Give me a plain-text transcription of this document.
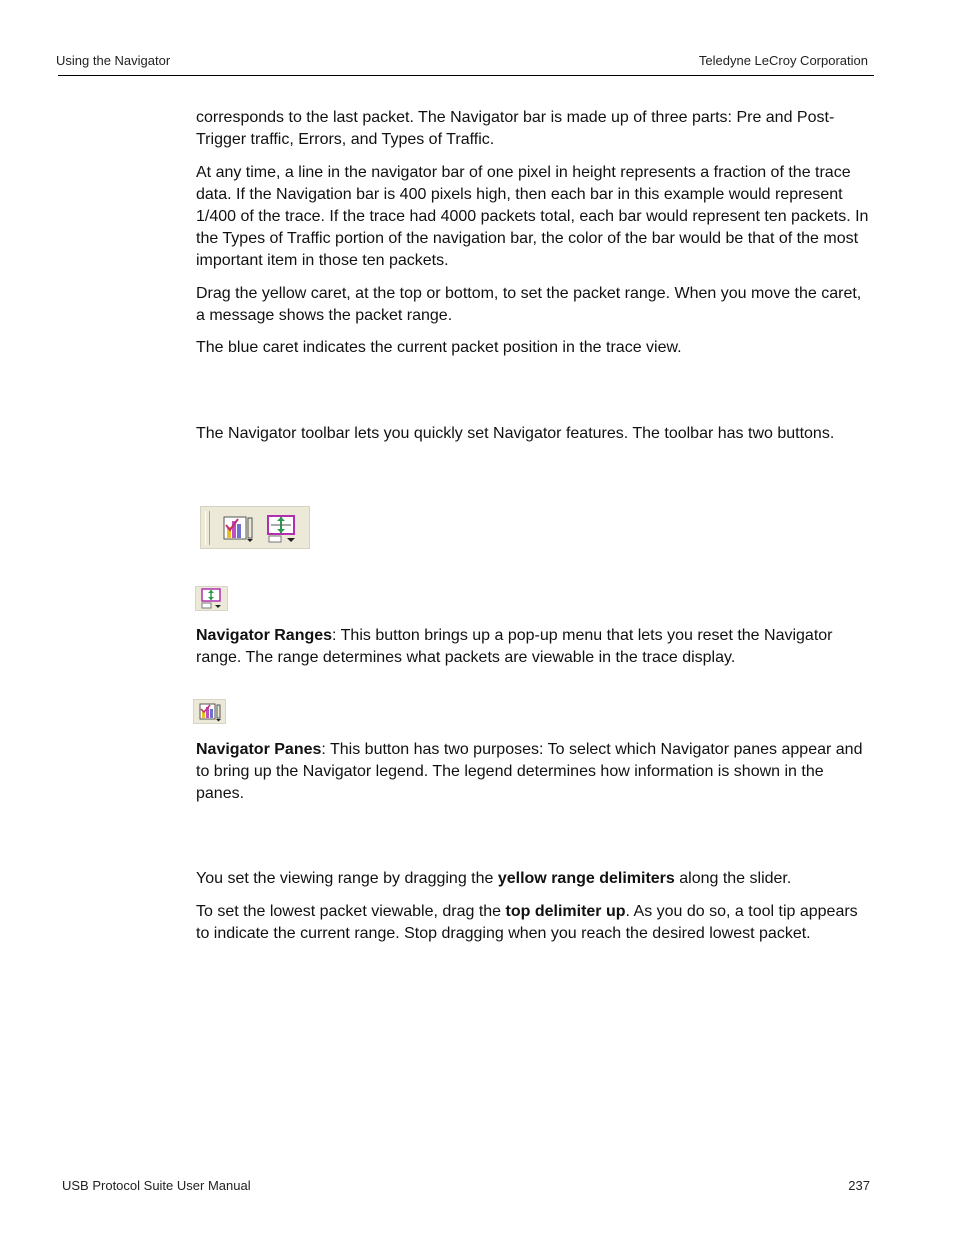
Using the Navigator	Teledyne LeCroy Corporation

corresponds to the last packet. The Navigator bar is made up of three parts: Pre and Post-Trigger traffic, Errors, and Types of Traffic.

At any time, a line in the navigator bar of one pixel in height represents a fraction of the trace data. If the Navigation bar is 400 pixels high, then each bar in this example would represent 1/400 of the trace. If the trace had 4000 packets total, each bar would represent ten packets. In the Types of Traffic portion of the navigation bar, the color of the bar would be that of the most important item in those ten packets.

Drag the yellow caret, at the top or bottom, to set the packet range. When you move the caret, a message shows the packet range.

The blue caret indicates the current packet position in the trace view.

The Navigator toolbar lets you quickly set Navigator features. The toolbar has two buttons.

Navigator Ranges: This button brings up a pop-up menu that lets you reset the Navigator range. The range determines what packets are viewable in the trace display.

Navigator Panes: This button has two purposes: To select which Navigator panes appear and to bring up the Navigator legend. The legend determines how information is shown in the panes.

You set the viewing range by dragging the yellow range delimiters along the slider.

To set the lowest packet viewable, drag the top delimiter up. As you do so, a tool tip appears to indicate the current range. Stop dragging when you reach the desired lowest packet.

USB Protocol Suite User Manual	237
